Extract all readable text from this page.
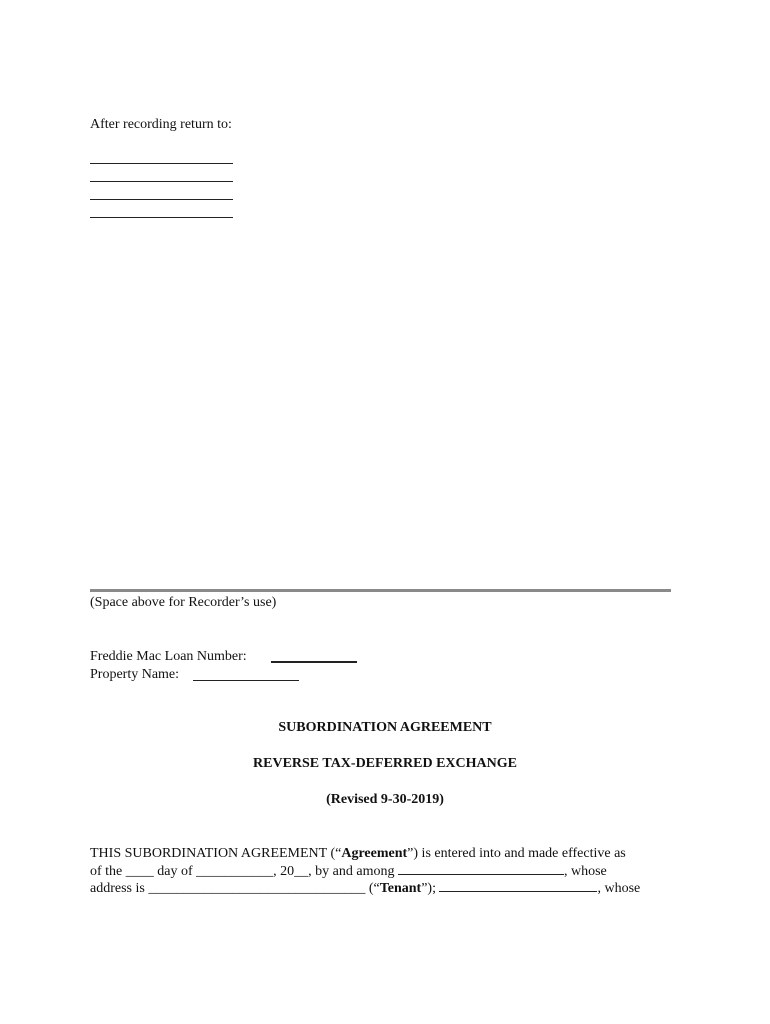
After recording return to:
(Space above for Recorder’s use)
Freddie Mac Loan Number:
Property Name:
SUBORDINATION AGREEMENT
REVERSE TAX-DEFERRED EXCHANGE
(Revised 9-30-2019)
THIS SUBORDINATION AGREEMENT (“Agreement”) is entered into and made effective as
of the ____ day of ___________, 20__, by and among	, whose
address is _______________________________ (“Tenant”);	, whose
